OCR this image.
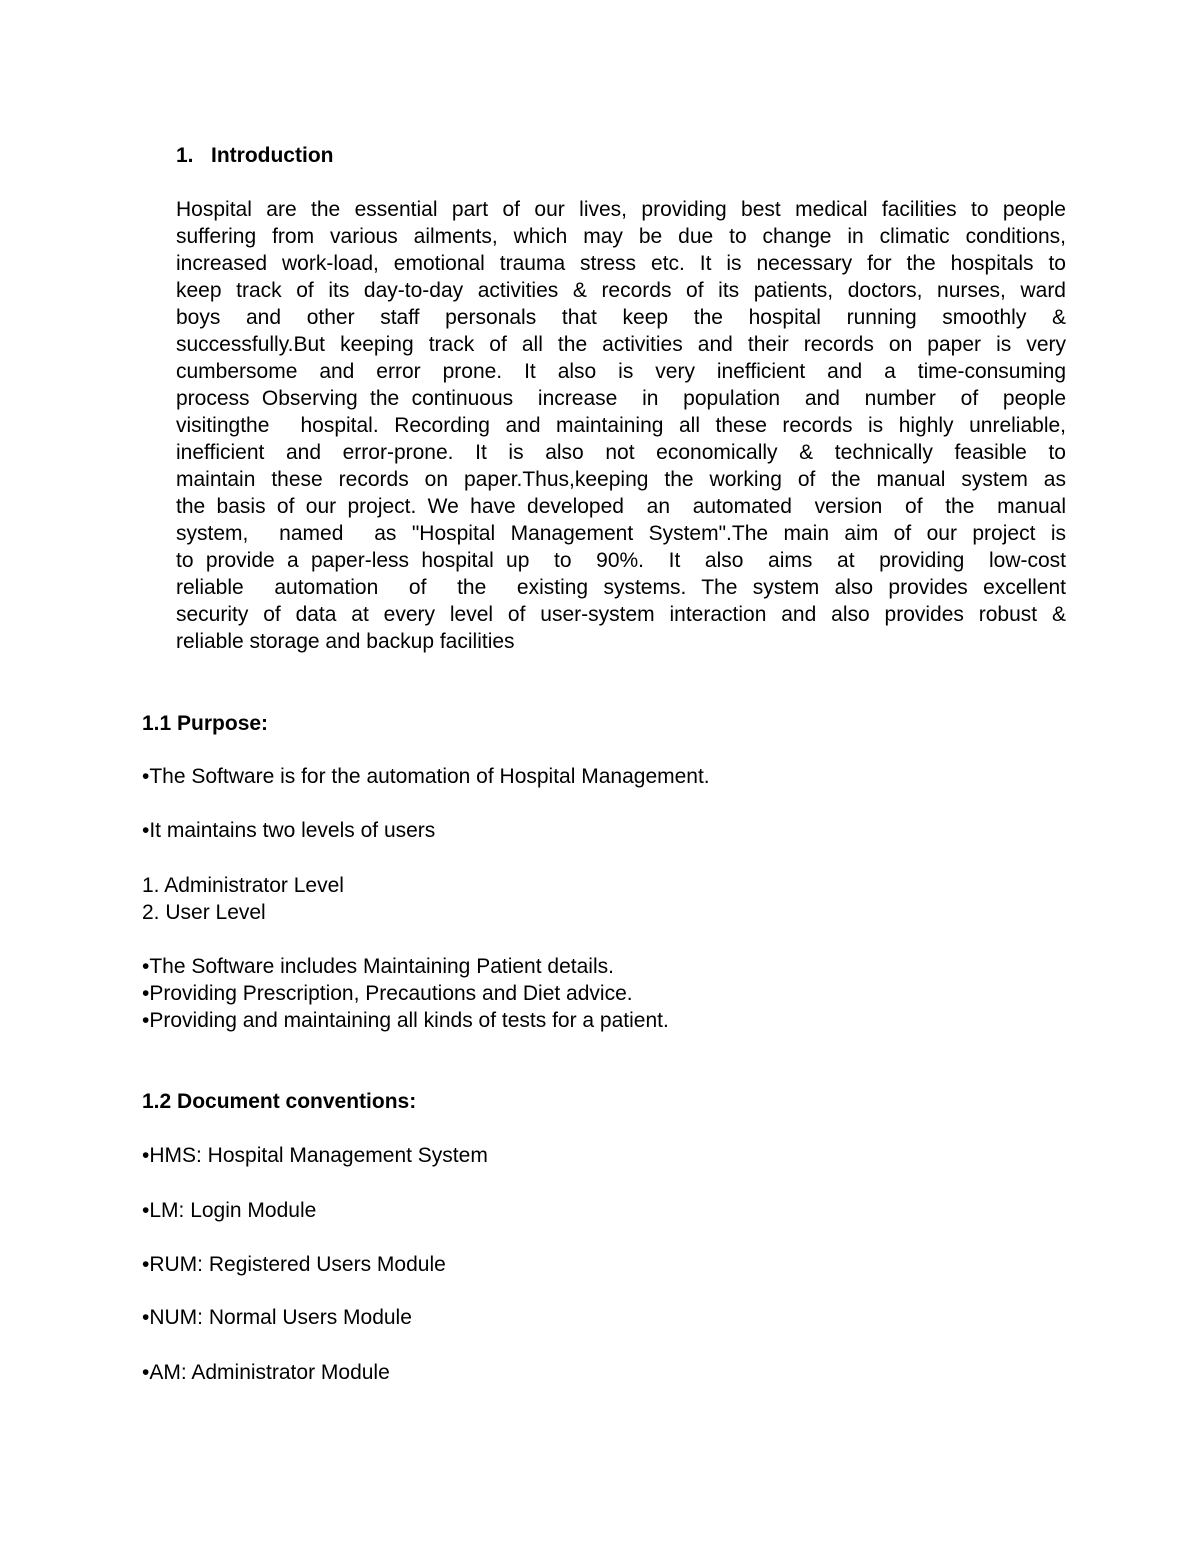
1. Introduction
Hospital are the essential part of our lives, providing best medical facilities to people
suffering from various ailments, which may be due to change in climatic conditions,
increased work-load, emotional trauma stress etc. It is necessary for the hospitals to
keep track of its day-to-day activities & records of its patients, doctors, nurses, ward
boys and other staff personals that keep the hospital running smoothly &
successfully.But keeping track of all the activities and their records on paper is very
cumbersome and error prone. It also is very inefficient and a time-consuming
process Observing the continuous  increase  in  population  and  number  of  people
visitingthe  hospital. Recording and maintaining all these records is highly unreliable,
inefficient and error-prone. It is also not economically & technically feasible to
maintain these records on paper.Thus,keeping the working of the manual system as
the basis of our project. We have developed  an  automated  version  of  the  manual
system,  named  as "Hospital Management System".The main aim of our project is
to provide a paper-less hospital up  to  90%.  It  also  aims  at  providing  low-cost
reliable  automation  of  the  existing systems. The system also provides excellent
security of data at every level of user-system interaction and also provides robust &
reliable storage and backup facilities
1.1 Purpose:
•The Software is for the automation of Hospital Management.
•It maintains two levels of users
1. Administrator Level
2. User Level
•The Software includes Maintaining Patient details.
•Providing Prescription, Precautions and Diet advice.
•Providing and maintaining all kinds of tests for a patient.
1.2 Document conventions:
•HMS: Hospital Management System
•LM: Login Module
•RUM: Registered Users Module
•NUM: Normal Users Module
•AM: Administrator Module
